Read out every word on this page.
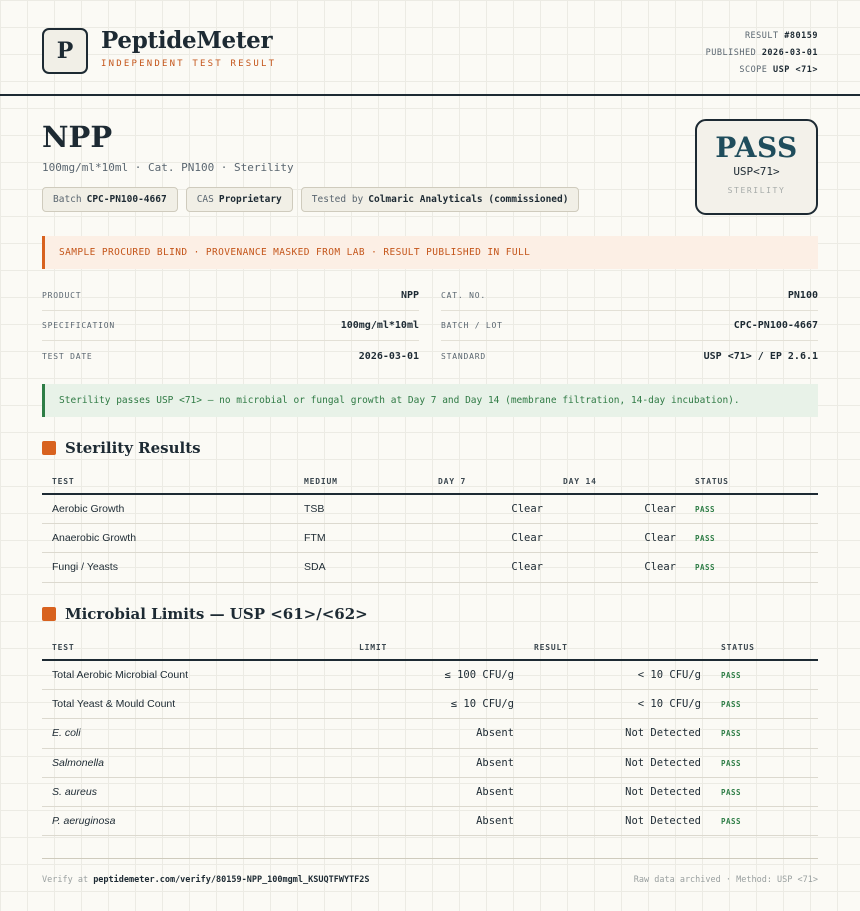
P	PeptideMeter
INDEPENDENT TEST RESULT
RESULT #80159
PUBLISHED 2026-03-01
SCOPE USP <71>
NPP
100mg/ml*10ml · Cat. PN100 · Sterility
Batch CPC-PN100-4667	CAS Proprietary	Tested by Colmaric Analyticals (commissioned)
PASS
USP<71>
STERILITY
SAMPLE PROCURED BLIND · PROVENANCE MASKED FROM LAB · RESULT PUBLISHED IN FULL
PRODUCT	NPP
SPECIFICATION	100mg/ml*10ml
TEST DATE	2026-03-01
CAT. NO.	PN100
BATCH / LOT	CPC-PN100-4667
STANDARD	USP <71> / EP 2.6.1
Sterility passes USP <71> — no microbial or fungal growth at Day 7 and Day 14 (membrane filtration, 14-day incubation).
Sterility Results
TEST	MEDIUM	DAY 7	DAY 14	STATUS
Aerobic Growth	TSB	Clear	Clear	PASS
Anaerobic Growth	FTM	Clear	Clear	PASS
Fungi / Yeasts	SDA	Clear	Clear	PASS
Microbial Limits — USP <61>/<62>
TEST	LIMIT	RESULT	STATUS
Total Aerobic Microbial Count	≤ 100 CFU/g	< 10 CFU/g	PASS
Total Yeast & Mould Count	≤ 10 CFU/g	< 10 CFU/g	PASS
E. coli	Absent	Not Detected	PASS
Salmonella	Absent	Not Detected	PASS
S. aureus	Absent	Not Detected	PASS
P. aeruginosa	Absent	Not Detected	PASS
Verify at peptidemeter.com/verify/80159-NPP_100mgml_KSUQTFWYTF2S	Raw data archived · Method: USP <71>
